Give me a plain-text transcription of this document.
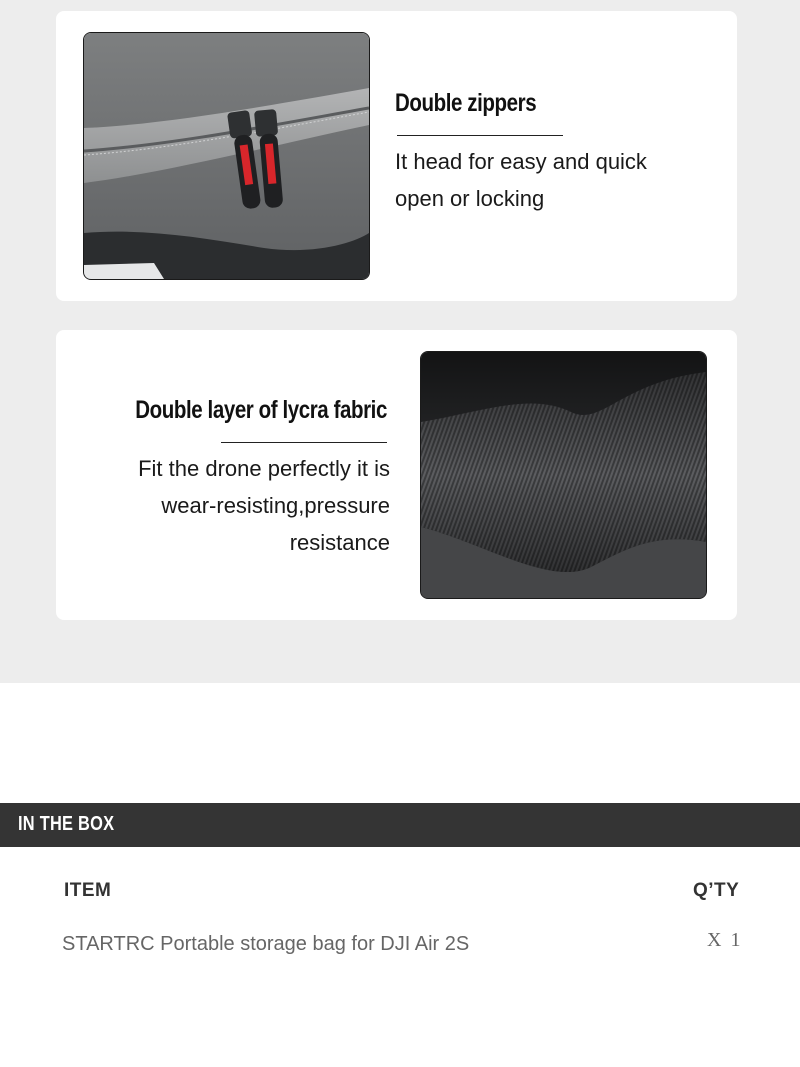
Double zippers
It head for easy and quick
open or locking
Double layer of lycra fabric
Fit the drone perfectly it is
wear-resisting,pressure
resistance
IN THE BOX
ITEM	Q’TY
STARTRC Portable storage bag for DJI Air 2S	X 1
